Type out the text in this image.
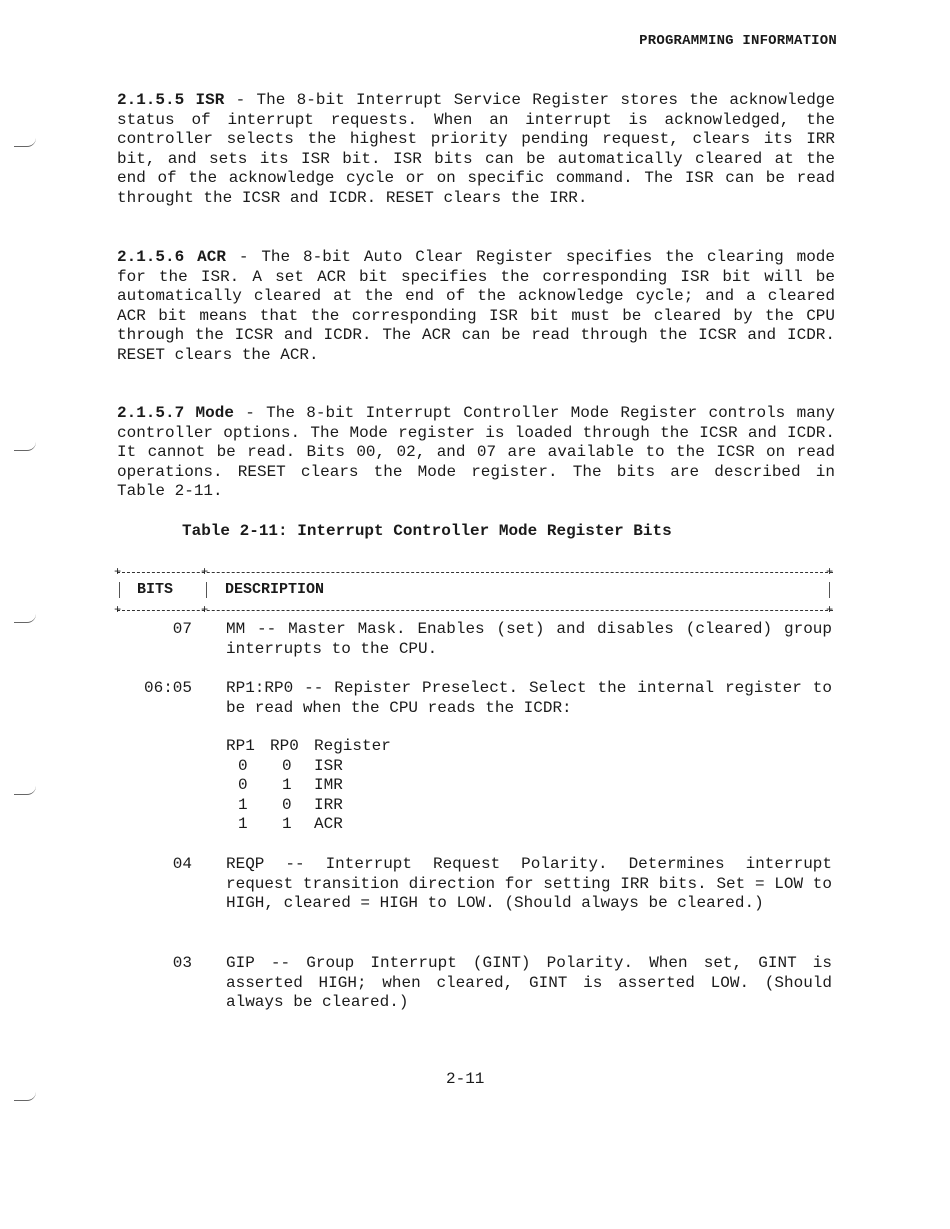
PROGRAMMING INFORMATION

2.1.5.5 ISR - The 8-bit Interrupt Service Register stores the acknowledge status of interrupt requests. When an interrupt is acknowledged, the controller selects the highest priority pending request, clears its IRR bit, and sets its ISR bit. ISR bits can be automatically cleared at the end of the acknowledge cycle or on specific command. The ISR can be read throught the ICSR and ICDR. RESET clears the IRR.

2.1.5.6 ACR - The 8-bit Auto Clear Register specifies the clearing mode for the ISR. A set ACR bit specifies the corresponding ISR bit will be automatically cleared at the end of the acknowledge cycle; and a cleared ACR bit means that the corresponding ISR bit must be cleared by the CPU through the ICSR and ICDR. The ACR can be read through the ICSR and ICDR. RESET clears the ACR.

2.1.5.7 Mode - The 8-bit Interrupt Controller Mode Register controls many controller options. The Mode register is loaded through the ICSR and ICDR. It cannot be read. Bits 00, 02, and 07 are available to the ICSR on read operations. RESET clears the Mode register. The bits are described in Table 2-11.

Table 2-11: Interrupt Controller Mode Register Bits
+	+	+
BITS	DESCRIPTION
+	+	+
07 MM -- Master Mask. Enables (set) and disables (cleared) group interrupts to the CPU.

06:05 RP1:RP0 -- Repister Preselect. Select the internal register to be read when the CPU reads the ICDR:

RP1	RP0	Register
0	0	ISR
0	1	IMR
1	0	IRR
1	1	ACR
04 REQP -- Interrupt Request Polarity. Determines interrupt request transition direction for setting IRR bits. Set = LOW to HIGH, cleared = HIGH to LOW. (Should always be cleared.)

03 GIP -- Group Interrupt (GINT) Polarity. When set, GINT is asserted HIGH; when cleared, GINT is asserted LOW. (Should always be cleared.)

2-11
